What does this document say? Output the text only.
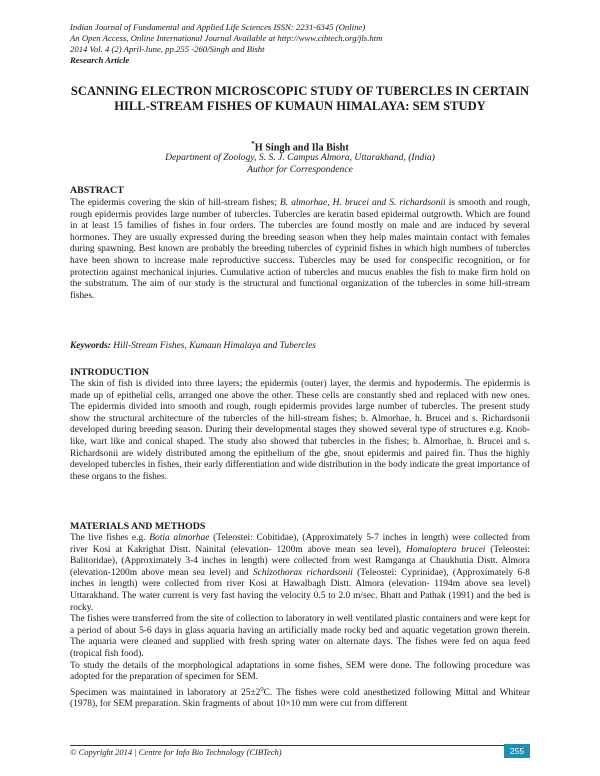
Indian Journal of Fundamental and Applied Life Sciences ISSN: 2231-6345 (Online)
An Open Access, Online International Journal Available at http://www.cibtech.org/jls.htm
2014 Vol. 4 (2) April-June, pp.255 -260/Singh and Bisht
Research Article
SCANNING ELECTRON MICROSCOPIC STUDY OF TUBERCLES IN CERTAIN HILL-STREAM FISHES OF KUMAUN HIMALAYA: SEM STUDY
*H Singh and Ila Bisht
Department of Zoology, S. S. J. Campus Almora, Uttarakhand, (India)
Author for Correspondence
ABSTRACT

The epidermis covering the skin of hill-stream fishes; B. almorhae, H. brucei and S. richardsonii is smooth and rough, rough epidermis provides large number of tubercles. Tubercles are keratin based epidermal outgrowth. Which are found in at least 15 families of fishes in four orders. The tubercles are found mostly on male and are induced by several hormones. They are usually expressed during the breeding season when they help males maintain contact with females during spawning. Best known are probably the breeding tubercles of cyprinid fishes in which high numbers of tubercles have been shown to increase male reproductive success. Tubercles may be used for conspecific recognition, or for protection against mechanical injuries. Cumulative action of tubercles and mucus enables the fish to make firm hold on the substratum. The aim of our study is the structural and functional organization of the tubercles in some hill-stream fishes.

Keywords: Hill-Stream Fishes, Kumaun Himalaya and Tubercles
INTRODUCTION

The skin of fish is divided into three layers; the epidermis (outer) layer, the dermis and hypodermis. The epidermis is made up of epithelial cells, arranged one above the other. These cells are constantly shed and replaced with new ones. The epidermis divided into smooth and rough, rough epidermis provides large number of tubercles. The present study show the structural architecture of the tubercles of the hill-stream fishes; b. Almorhae, h. Brucei and s. Richardsonii developed during breeding season. During their developmental stages they showed several type of structures e.g. Knob-like, wart like and conical shaped. The study also showed that tubercles in the fishes; b. Almorhae, h. Brucei and s. Richardsonii are widely distributed among the epithelium of the gbe, snout epidermis and paired fin. Thus the highly developed tubercles in fishes, their early differentiation and wide distribution in the body indicate the great importance of these organs to the fishes.

MATERIALS AND METHODS

The live fishes e.g. Botia almorhae (Teleostei: Cobitidae), (Approximately 5-7 inches in length) were collected from river Kosi at Kakrighat Distt. Nainital (elevation- 1200m above mean sea level), Homaloptera brucei (Teleostei: Balitoridae), (Approximately 3-4 inches in length) were collected from west Ramganga at Chaukhutia Distt. Almora (elevation-1200m above mean sea level) and Schizothorax richardsonii (Teleostei: Cyprinidae), (Approximately 6-8 inches in length) were collected from river Kosi at Hawalbagh Distt. Almora (elevation- 1194m above sea level) Uttarakhand. The water current is very fast having the velocity 0.5 to 2.0 m/sec. Bhatt and Pathak (1991) and the bed is rocky.

The fishes were transferred from the site of collection to laboratory in well ventilated plastic containers and were kept for a period of about 5-6 days in glass aquaria having an artificially made rocky bed and aquatic vegetation grown therein. The aquaria were cleaned and supplied with fresh spring water on alternate days. The fishes were fed on aqua feed (tropical fish food).

To study the details of the morphological adaptations in some fishes, SEM were done. The following procedure was adopted for the preparation of specimen for SEM.

Specimen was maintained in laboratory at $25\pm 2^0C$. The fishes were cold anesthetized following Mittal and Whitear (1978), for SEM preparation. Skin fragments of about 10×10 mm were cut from different

© Copyright 2014 | Centre for Info Bio Technology (CIBTech)	255
